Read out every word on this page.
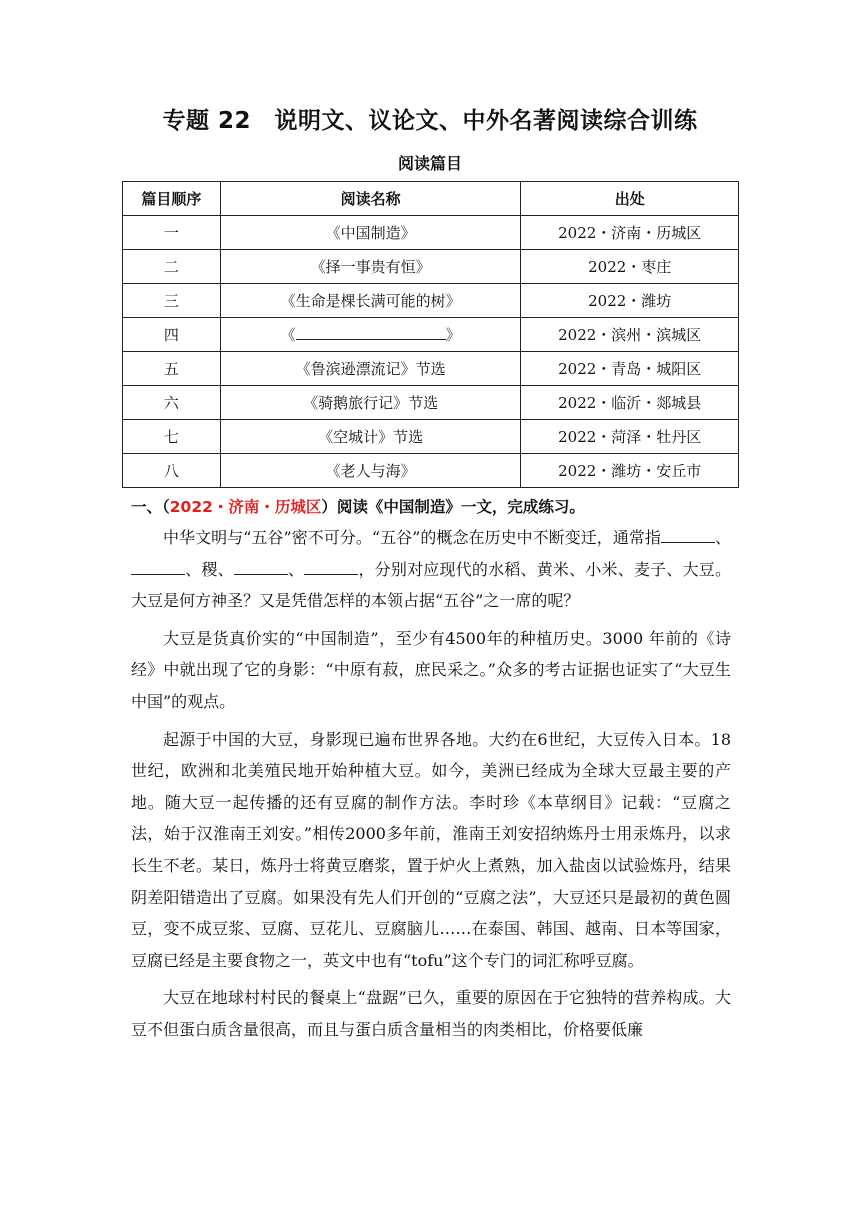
专题 22　说明文、议论文、中外名著阅读综合训练
阅读篇目
篇目顺序	阅读名称	出处
一	《中国制造》	2022・济南・历城区
二	《择一事贵有恒》	2022・枣庄
三	《生命是棵长满可能的树》	2022・潍坊
四	《 》	2022・滨州・滨城区
五	《鲁滨逊漂流记》节选	2022・青岛・城阳区
六	《骑鹅旅行记》节选	2022・临沂・郯城县
七	《空城计》节选	2022・菏泽・牡丹区
八	《老人与海》	2022・潍坊・安丘市
一、（2022・济南・历城区）阅读《中国制造》一文，完成练习。

中华文明与“五谷”密不可分。“五谷”的概念在历史中不断变迁，通常指	、、稷、	、	，分别对应现代的水稻、黄米、小米、麦子、大豆。大豆是何方神圣？又是凭借怎样的本领占据“五谷”之一席的呢？

大豆是货真价实的“中国制造”，至少有4500年的种植历史。3000 年前的《诗经》中就出现了它的身影：“中原有菽，庶民采之。”众多的考古证据也证实了“大豆生中国”的观点。

起源于中国的大豆，身影现已遍布世界各地。大约在6世纪，大豆传入日本。18世纪，欧洲和北美殖民地开始种植大豆。如今，美洲已经成为全球大豆最主要的产地。随大豆一起传播的还有豆腐的制作方法。李时珍《本草纲目》记载：“豆腐之法，始于汉淮南王刘安。”相传2000多年前，淮南王刘安招纳炼丹士用汞炼丹，以求长生不老。某日，炼丹士将黄豆磨浆，置于炉火上煮熟，加入盐卤以试验炼丹，结果阴差阳错造出了豆腐。如果没有先人们开创的“豆腐之法”，大豆还只是最初的黄色圆豆，变不成豆浆、豆腐、豆花儿、豆腐脑儿……在泰国、韩国、越南、日本等国家，豆腐已经是主要食物之一，英文中也有“tofu”这个专门的词汇称呼豆腐。

大豆在地球村村民的餐桌上“盘踞”已久，重要的原因在于它独特的营养构成。大豆不但蛋白质含量很高，而且与蛋白质含量相当的肉类相比，价格要低廉
